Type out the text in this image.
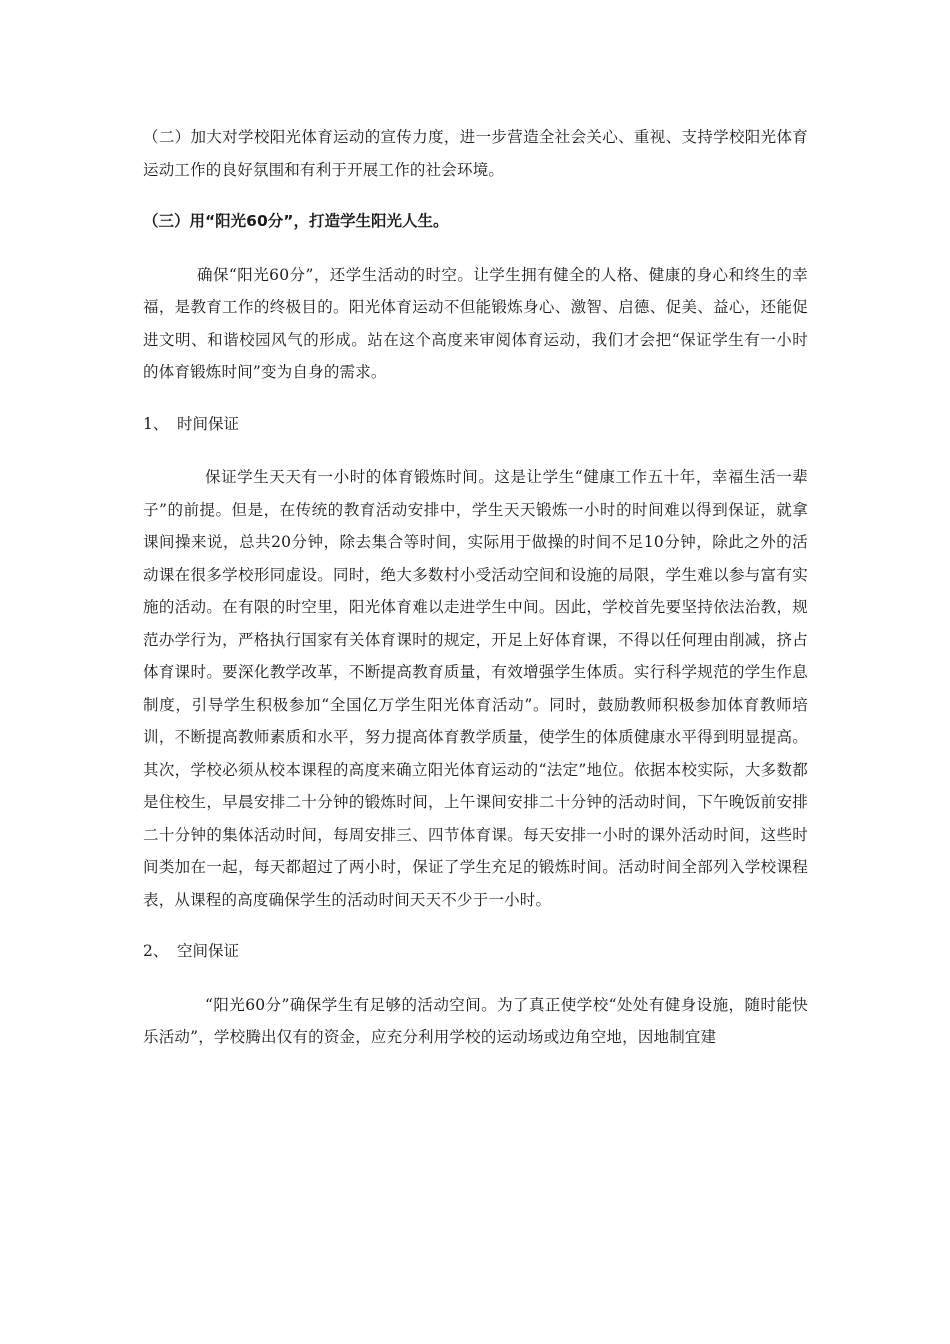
（二）加大对学校阳光体育运动的宣传力度，进一步营造全社会关心、重视、支持学校阳光体育运动工作的良好氛围和有利于开展工作的社会环境。

（三）用“阳光60分”，打造学生阳光人生。

确保“阳光60分”，还学生活动的时空。让学生拥有健全的人格、健康的身心和终生的幸福，是教育工作的终极目的。阳光体育运动不但能锻炼身心、激智、启德、促美、益心，还能促进文明、和谐校园风气的形成。站在这个高度来审阅体育运动，我们才会把“保证学生有一小时的体育锻炼时间”变为自身的需求。

1、 时间保证

保证学生天天有一小时的体育锻炼时间。这是让学生“健康工作五十年，幸福生活一辈子”的前提。但是，在传统的教育活动安排中，学生天天锻炼一小时的时间难以得到保证，就拿课间操来说，总共20分钟，除去集合等时间，实际用于做操的时间不足10分钟，除此之外的活动课在很多学校形同虚设。同时，绝大多数村小受活动空间和设施的局限，学生难以参与富有实施的活动。在有限的时空里，阳光体育难以走进学生中间。因此，学校首先要坚持依法治教，规范办学行为，严格执行国家有关体育课时的规定，开足上好体育课，不得以任何理由削减，挤占体育课时。要深化教学改革，不断提高教育质量，有效增强学生体质。实行科学规范的学生作息制度，引导学生积极参加“全国亿万学生阳光体育活动”。同时，鼓励教师积极参加体育教师培训，不断提高教师素质和水平，努力提高体育教学质量，使学生的体质健康水平得到明显提高。其次，学校必须从校本课程的高度来确立阳光体育运动的“法定”地位。依据本校实际，大多数都是住校生，早晨安排二十分钟的锻炼时间，上午课间安排二十分钟的活动时间，下午晚饭前安排二十分钟的集体活动时间，每周安排三、四节体育课。每天安排一小时的课外活动时间，这些时间类加在一起，每天都超过了两小时，保证了学生充足的锻炼时间。活动时间全部列入学校课程表，从课程的高度确保学生的活动时间天天不少于一小时。

2、 空间保证

“阳光60分”确保学生有足够的活动空间。为了真正使学校“处处有健身设施，随时能快乐活动”，学校腾出仅有的资金，应充分利用学校的运动场或边角空地，因地制宜建
